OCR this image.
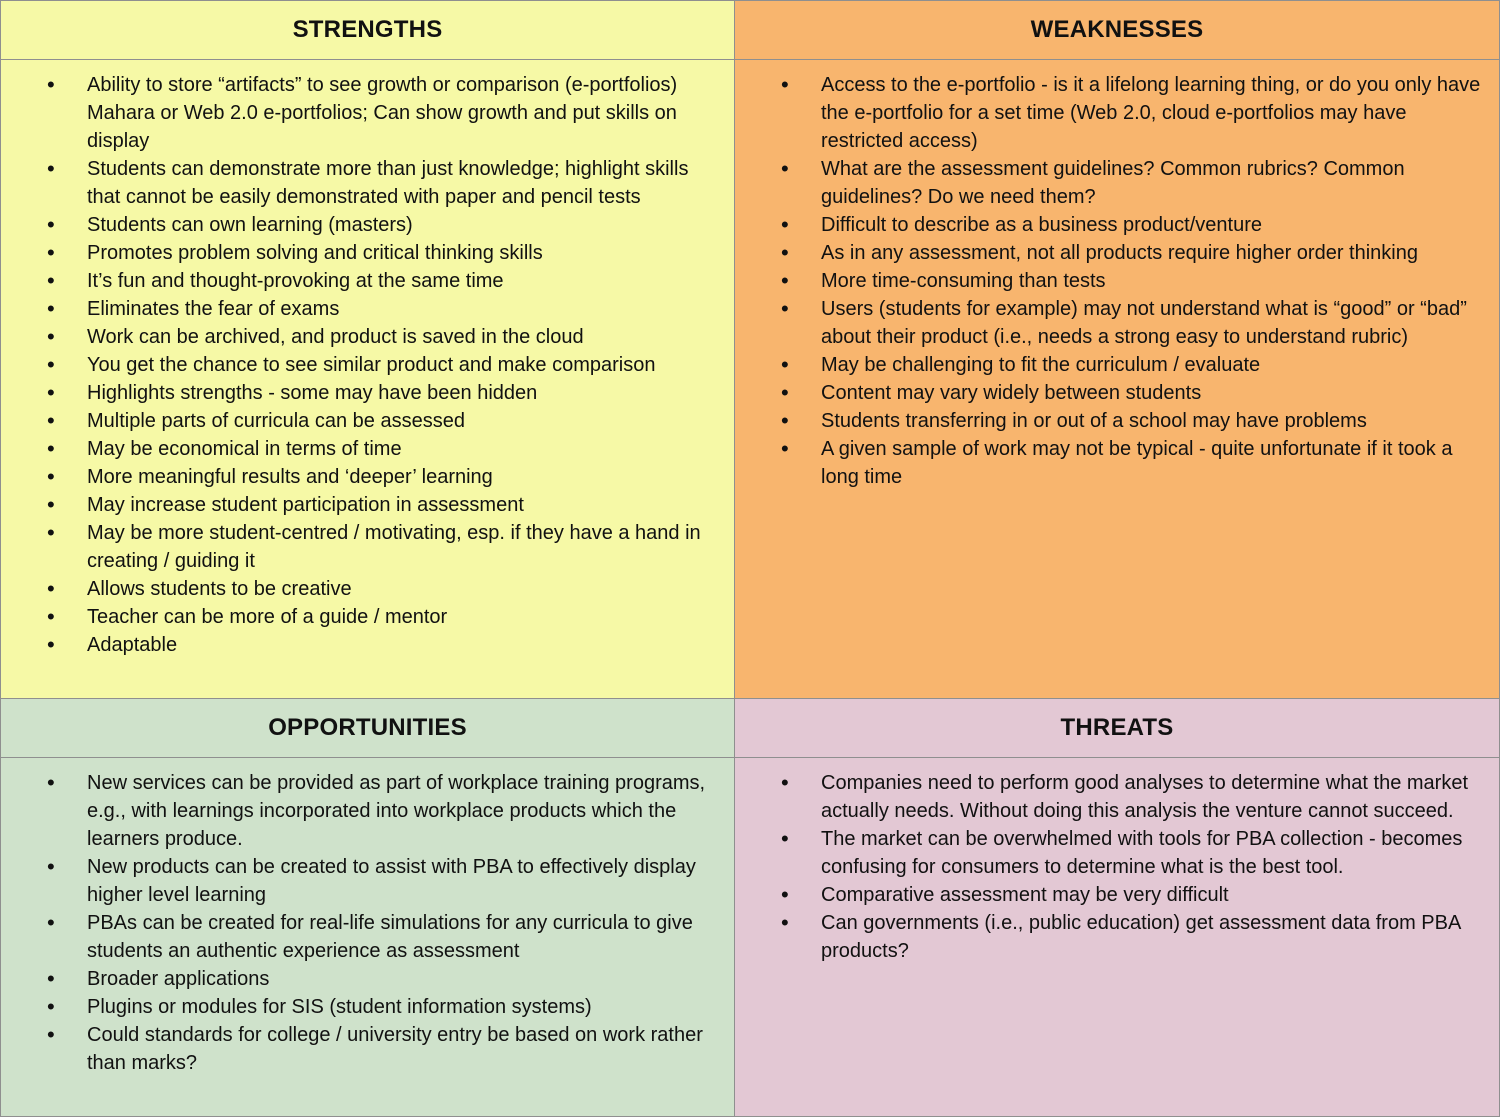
STRENGTHS	WEAKNESSES
• Ability to store “artifacts” to see growth or comparison (e-portfolios) Mahara or Web 2.0 e-portfolios; Can show growth and put skills on display
• Students can demonstrate more than just knowledge; highlight skills that cannot be easily demonstrated with paper and pencil tests
• Students can own learning (masters)
• Promotes problem solving and critical thinking skills
• It’s fun and thought-provoking at the same time
• Eliminates the fear of exams
• Work can be archived, and product is saved in the cloud
• You get the chance to see similar product and make comparison
• Highlights strengths - some may have been hidden
• Multiple parts of curricula can be assessed
• May be economical in terms of time
• More meaningful results and ‘deeper’ learning
• May increase student participation in assessment
• May be more student-centred / motivating, esp. if they have a hand in creating / guiding it
• Allows students to be creative
• Teacher can be more of a guide / mentor
• Adaptable
• Access to the e-portfolio - is it a lifelong learning thing, or do you only have the e-portfolio for a set time (Web 2.0, cloud e-portfolios may have restricted access)
• What are the assessment guidelines? Common rubrics? Common guidelines? Do we need them?
• Difficult to describe as a business product/venture
• As in any assessment, not all products require higher order thinking
• More time-consuming than tests
• Users (students for example) may not understand what is “good” or “bad” about their product (i.e., needs a strong easy to understand rubric)
• May be challenging to fit the curriculum / evaluate
• Content may vary widely between students
• Students transferring in or out of a school may have problems
• A given sample of work may not be typical - quite unfortunate if it took a long time
OPPORTUNITIES	THREATS
• New services can be provided as part of workplace training programs, e.g., with learnings incorporated into workplace products which the learners produce.
• New products can be created to assist with PBA to effectively display higher level learning
• PBAs can be created for real-life simulations for any curricula to give students an authentic experience as assessment
• Broader applications
• Plugins or modules for SIS (student information systems)
• Could standards for college / university entry be based on work rather than marks?
• Companies need to perform good analyses to determine what the market actually needs. Without doing this analysis the venture cannot succeed.
• The market can be overwhelmed with tools for PBA collection - becomes confusing for consumers to determine what is the best tool.
• Comparative assessment may be very difficult
• Can governments (i.e., public education) get assessment data from PBA products?
